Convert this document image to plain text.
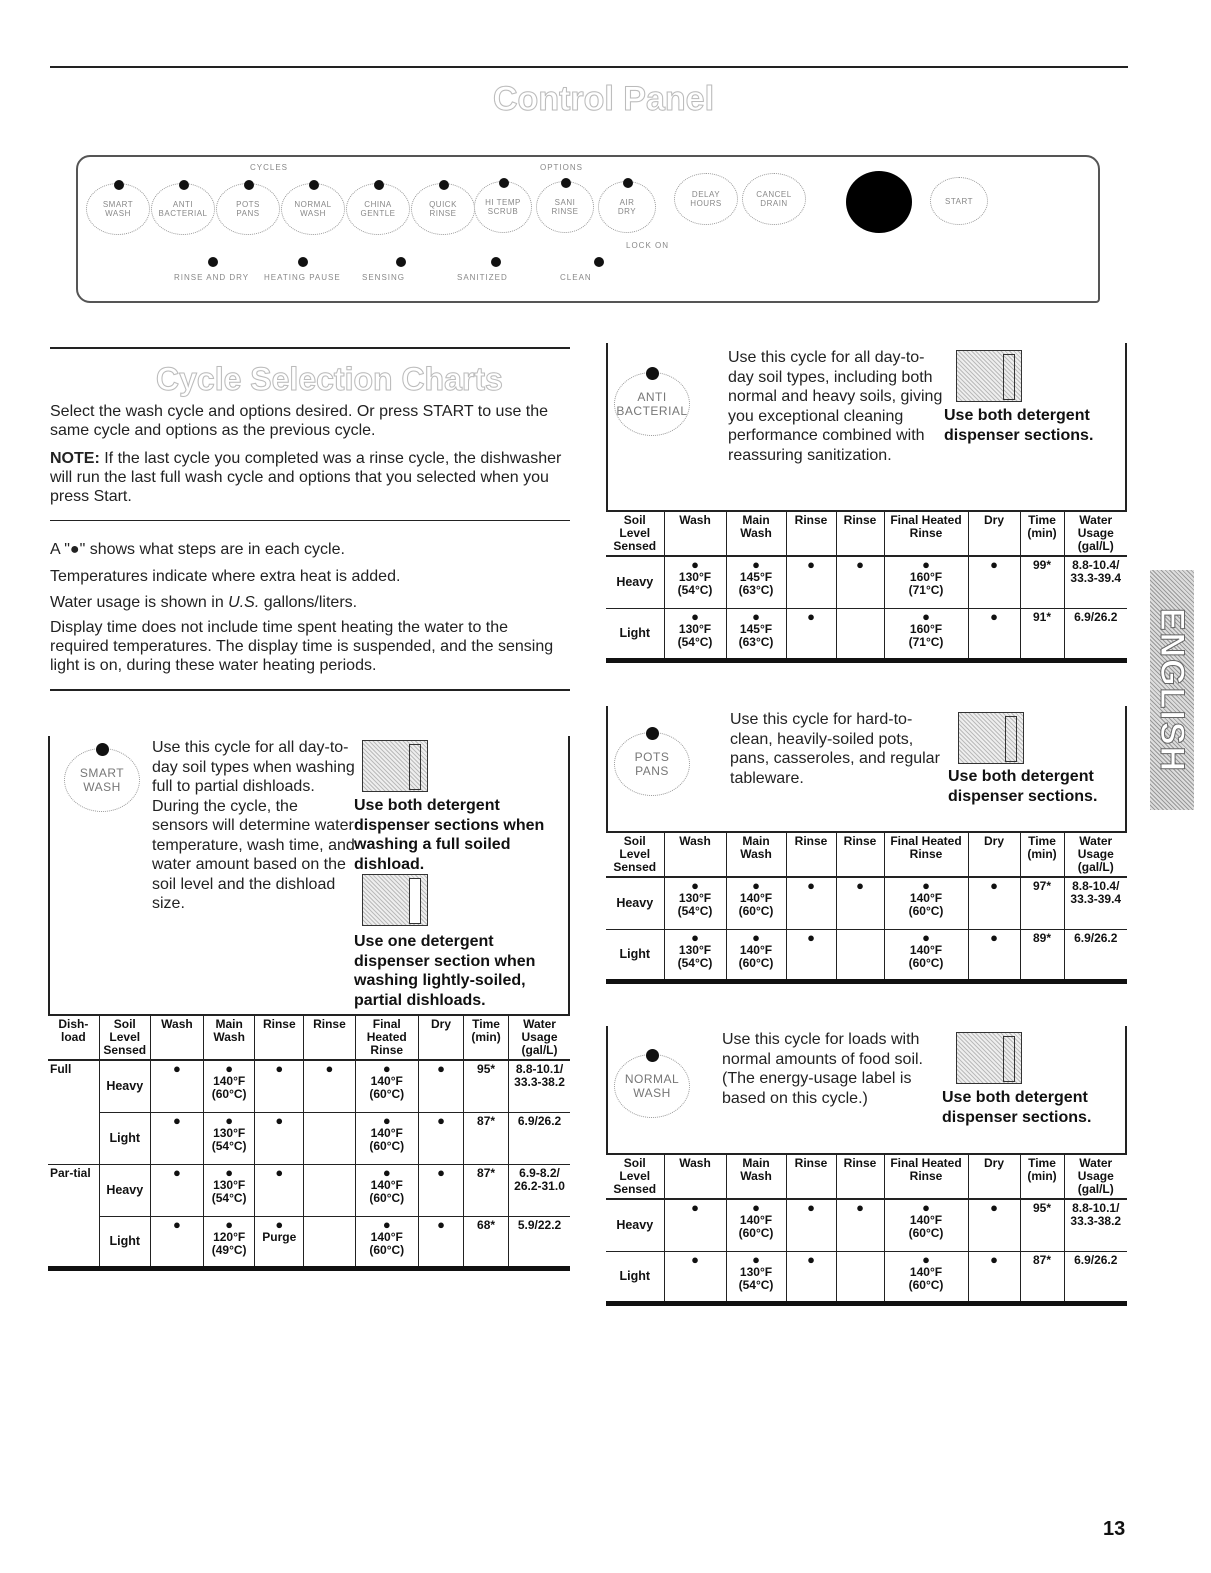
Control Panel
CYCLES	OPTIONS
SMART
WASH
ANTI
BACTERIAL
POTS
PANS
NORMAL
WASH
CHINA
GENTLE
QUICK
RINSE
HI TEMP
SCRUB
SANI
RINSE
AIR
DRY
LOCK ON
DELAY
HOURS
CANCEL
DRAIN	START
RINSE AND DRY HEATING PAUSE	SENSING	SANITIZED	CLEAN
Cycle Selection Charts
Select the wash cycle and options desired. Or press START to use the same cycle and options as the previous cycle.
NOTE: If the last cycle you completed was a rinse cycle, the dishwasher will run the last full wash cycle and options that you selected when you press Start.
A "●" shows what steps are in each cycle.
Temperatures indicate where extra heat is added.
Water usage is shown in U.S. gallons/liters.
Display time does not include time spent heating the water to the required temperatures. The display time is suspended, and the sensing light is on, during these water heating periods.
SMART
WASH
Use this cycle for all day-to-day soil types when washing full to partial dishloads. During the cycle, the sensors will determine water temperature, wash time, and water amount based on the soil level and the dishload size.
Use both detergent dispenser sections when washing a full soiled dishload.
Use one detergent dispenser section when washing lightly-soiled, partial dishloads.
Dish-load	Soil Level Sensed	Wash	Main Wash	Rinse	Rinse	Final Heated Rinse	Dry	Time (min)	Water Usage (gal/L)
Full	Heavy	●	●
140°F
(60°C)	●	●	●
140°F
(60°C)	●	95*	8.8-10.1/
33.3-38.2
	Light	●	●
130°F
(54°C)	●		●
140°F
(60°C)	●	87*	6.9/26.2
Par-tial	Heavy	●	●
130°F
(54°C)	●		●
140°F
(60°C)	●	87*	6.9-8.2/
26.2-31.0
	Light	●	●
120°F
(49°C)	●
Purge		●
140°F
(60°C)	●	68*	5.9/22.2
ANTI
BACTERIAL
Use this cycle for all day-to-day soil types, including both normal and heavy soils, giving you exceptional cleaning performance combined with reassuring sanitization.
Use both detergent dispenser sections.
Soil Level Sensed	Wash	Main Wash	Rinse	Rinse	Final Heated Rinse	Dry	Time (min)	Water Usage (gal/L)
Heavy	●
130°F
(54°C)	●
145°F
(63°C)	●	●	●
160°F
(71°C)	●	99*	8.8-10.4/
33.3-39.4
Light	●
130°F
(54°C)	●
145°F
(63°C)	●		●
160°F
(71°C)	●	91*	6.9/26.2
POTS
PANS
Use this cycle for hard-to-clean, heavily-soiled pots, pans, casseroles, and regular tableware.	Use both detergent dispenser sections.
Soil Level Sensed	Wash	Main Wash	Rinse	Rinse	Final Heated Rinse	Dry	Time (min)	Water Usage (gal/L)
Heavy	●
130°F
(54°C)	●
140°F
(60°C)	●	●	●
140°F
(60°C)	●	97*	8.8-10.4/
33.3-39.4
Light	●
130°F
(54°C)	●
140°F
(60°C)	●		●
140°F
(60°C)	●	89*	6.9/26.2
NORMAL
WASH
Use this cycle for loads with normal amounts of food soil. (The energy-usage label is based on this cycle.)	Use both detergent dispenser sections.
Soil Level Sensed	Wash	Main Wash	Rinse	Rinse	Final Heated Rinse	Dry	Time (min)	Water Usage (gal/L)
Heavy	●	●
140°F
(60°C)	●	●	●
140°F
(60°C)	●	95*	8.8-10.1/
33.3-38.2
Light	●	●
130°F
(54°C)	●		●
140°F
(60°C)	●	87*	6.9/26.2
ENGLISH
13
